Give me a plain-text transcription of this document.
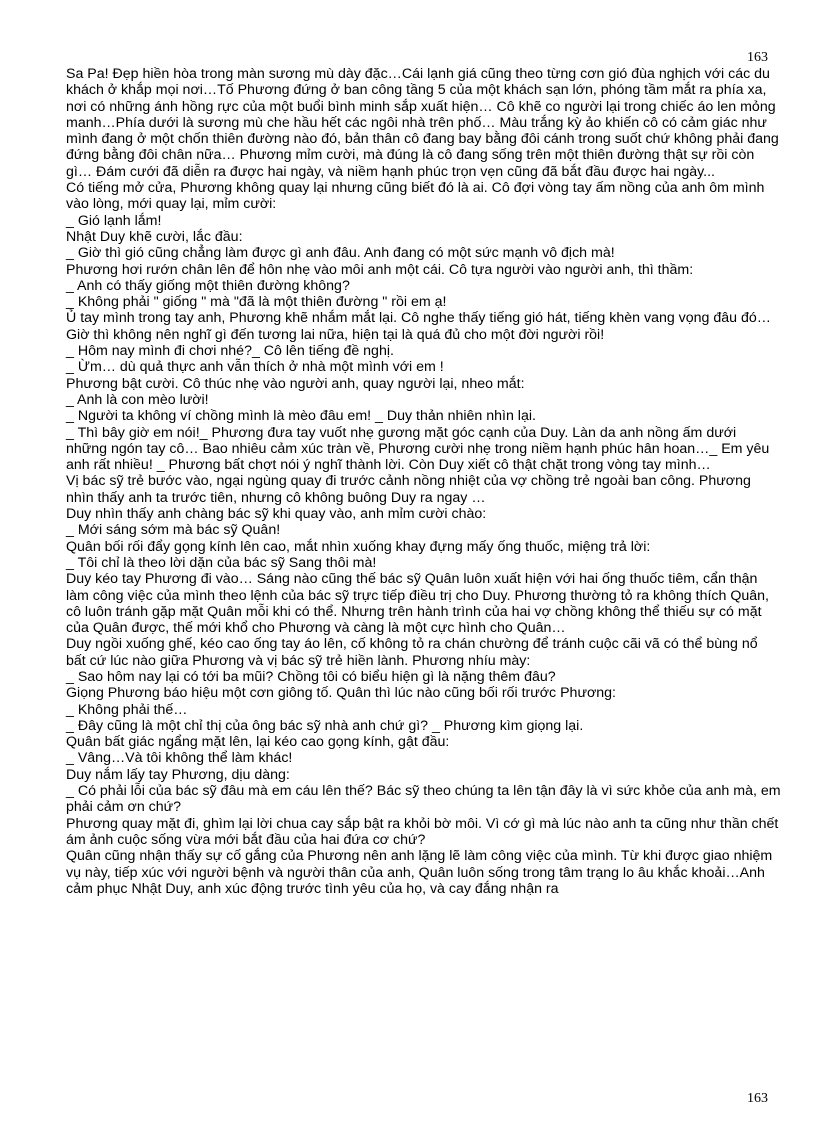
163

Sa Pa! Đẹp hiền hòa trong màn sương mù dày đặc…Cái lạnh giá cũng theo từng cơn gió đùa nghịch với các du khách ở khắp mọi nơi…Tố Phương đứng ở ban công tầng 5 của một khách sạn lớn, phóng tầm mắt ra phía xa, nơi có những ánh hồng rực của một buổi bình minh sắp xuất hiện… Cô khẽ co người lại trong chiếc áo len mỏng manh…Phía dưới là sương mù che hầu hết các ngôi nhà trên phố… Màu trắng kỳ ảo khiến cô có cảm giác như mình đang ở một chốn thiên đường nào đó, bản thân cô đang bay bằng đôi cánh trong suốt chứ không phải đang đứng bằng đôi chân nữa… Phương mỉm cười, mà đúng là cô đang sống trên một thiên đường thật sự rồi còn gì… Đám cưới đã diễn ra được hai ngày, và niềm hạnh phúc trọn vẹn cũng đã bắt đầu được hai ngày...

Có tiếng mở cửa, Phương không quay lại nhưng cũng biết đó là ai. Cô đợi vòng tay ấm nồng của anh ôm mình vào lòng, mới quay lại, mỉm cười:

_ Gió lạnh lắm!

Nhật Duy khẽ cười, lắc đầu:

_ Giờ thì gió cũng chẳng làm được gì anh đâu. Anh đang có một sức mạnh vô địch mà!

Phương hơi rướn chân lên để hôn nhẹ vào môi anh một cái. Cô tựa người vào người anh, thì thầm:

_ Anh có thấy giống một thiên đường không?

_ Không phải " giống " mà "đã là một thiên đường " rồi em ạ!

Ủ tay mình trong tay anh, Phương khẽ nhắm mắt lại. Cô nghe thấy tiếng gió hát, tiếng khèn vang vọng đâu đó…Giờ thì không nên nghĩ gì đến tương lai nữa, hiện tại là quá đủ cho một đời người rồi!

_ Hôm nay mình đi chơi nhé?_ Cô lên tiếng đề nghị.

_ Ừm… dù quả thực anh vẫn thích ở nhà một mình với em !

Phương bật cười. Cô thúc nhẹ vào người anh, quay người lại, nheo mắt:

_ Anh là con mèo lười!

_ Người ta không ví chồng mình là mèo đâu em! _ Duy thản nhiên nhìn lại.

_ Thì bây giờ em nói!_ Phương đưa tay vuốt nhẹ gương mặt góc cạnh của Duy. Làn da anh nồng ấm dưới những ngón tay cô… Bao nhiêu cảm xúc tràn về, Phương cười nhẹ trong niềm hạnh phúc hân hoan…_ Em yêu anh rất nhiều! _ Phương bất chợt nói ý nghĩ thành lời. Còn Duy xiết cô thật chặt trong vòng tay mình…

Vị bác sỹ trẻ bước vào, ngại ngùng quay đi trước cảnh nồng nhiệt của vợ chồng trẻ ngoài ban công. Phương nhìn thấy anh ta trước tiên, nhưng cô không buông Duy ra ngay …

Duy nhìn thấy anh chàng bác sỹ khi quay vào, anh mỉm cười chào:

_ Mới sáng sớm mà bác sỹ Quân!

Quân bối rối đẩy gọng kính lên cao, mắt nhìn xuống khay đựng mấy ống thuốc, miệng trả lời:

_ Tôi chỉ là theo lời dặn của bác sỹ Sang thôi mà!

Duy kéo tay Phương đi vào… Sáng nào cũng thế bác sỹ Quân luôn xuất hiện với hai ống thuốc tiêm, cẩn thận làm công việc của mình theo lệnh của bác sỹ trực tiếp điều trị cho Duy. Phương thường tỏ ra không thích Quân, cô luôn tránh gặp mặt Quân mỗi khi có thể. Nhưng trên hành trình của hai vợ chồng không thể thiếu sự có mặt của Quân được, thế mới khổ cho Phương và càng là một cực hình cho Quân…

Duy ngồi xuống ghế, kéo cao ống tay áo lên, cố không tỏ ra chán chường để tránh cuộc cãi vã có thể bùng nổ bất cứ lúc nào giữa Phương và vị bác sỹ trẻ hiền lành. Phương nhíu mày:

_ Sao hôm nay lại có tới ba mũi? Chồng tôi có biểu hiện gì là nặng thêm đâu?

Giọng Phương báo hiệu một cơn giông tố. Quân thì lúc nào cũng bối rối trước Phương:

_ Không phải thế…

_ Đây cũng là một chỉ thị của ông bác sỹ nhà anh chứ gì? _ Phương kìm giọng lại.

Quân bất giác ngẩng mặt lên, lại kéo cao gọng kính, gật đầu:

_ Vâng…Và tôi không thể làm khác!

Duy nắm lấy tay Phương, dịu dàng:

_ Có phải lỗi của bác sỹ đâu mà em cáu lên thế? Bác sỹ theo chúng ta lên tận đây là vì sức khỏe của anh mà, em phải cảm ơn chứ?

Phương quay mặt đi, ghìm lại lời chua cay sắp bật ra khỏi bờ môi. Vì cớ gì mà lúc nào anh ta cũng như thần chết ám ảnh cuộc sống vừa mới bắt đầu của hai đứa cơ chứ?

Quân cũng nhận thấy sự cố gắng của Phương nên anh lặng lẽ làm công việc của mình. Từ khi được giao nhiệm vụ này, tiếp xúc với người bệnh và người thân của anh, Quân luôn sống trong tâm trạng lo âu khắc khoải…Anh cảm phục Nhật Duy, anh xúc động trước tình yêu của họ, và cay đắng nhận ra

163
